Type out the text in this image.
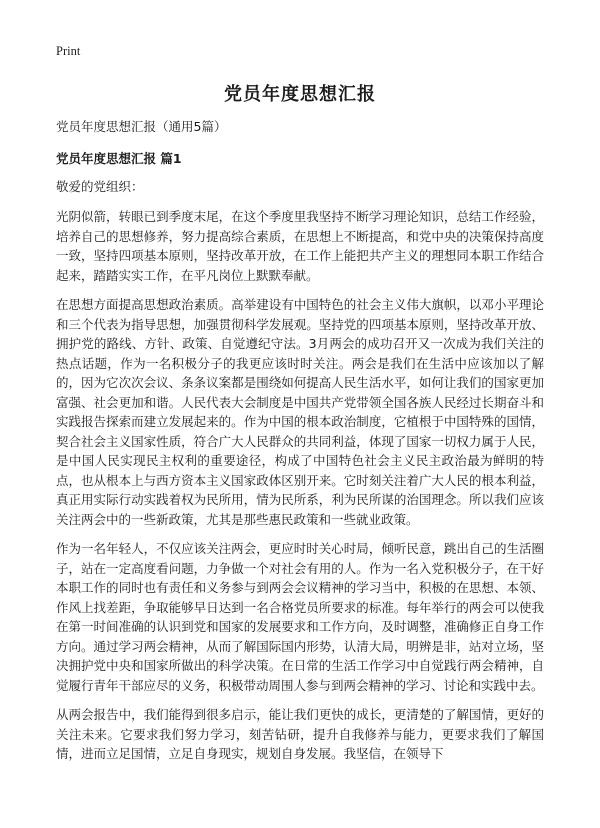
Print
党员年度思想汇报

党员年度思想汇报（通用5篇）

党员年度思想汇报 篇1

敬爱的党组织：

光阴似箭，转眼已到季度末尾，在这个季度里我坚持不断学习理论知识，总结工作经验，培养自己的思想修养，努力提高综合素质，在思想上不断提高，和党中央的决策保持高度一致，坚持四项基本原则，坚持改革开放，在工作上能把共产主义的理想同本职工作结合起来，踏踏实实工作，在平凡岗位上默默奉献。

在思想方面提高思想政治素质。高举建设有中国特色的社会主义伟大旗帜，以邓小平理论和三个代表为指导思想，加强贯彻科学发展观。坚持党的四项基本原则，坚持改革开放、拥护党的路线、方针、政策、自觉遵纪守法。3月两会的成功召开又一次成为我们关注的热点话题，作为一名积极分子的我更应该时时关注。两会是我们在生活中应该加以了解的，因为它次次会议、条条议案都是围绕如何提高人民生活水平，如何让我们的国家更加富强、社会更加和谐。人民代表大会制度是中国共产党带领全国各族人民经过长期奋斗和实践报告探索而建立发展起来的。作为中国的根本政治制度，它植根于中国特殊的国情，契合社会主义国家性质，符合广大人民群众的共同利益，体现了国家一切权力属于人民，是中国人民实现民主权利的重要途径，构成了中国特色社会主义民主政治最为鲜明的特点，也从根本上与西方资本主义国家政体区别开来。它时刻关注着广大人民的根本利益，真正用实际行动实践着权为民所用，情为民所系，利为民所谋的治国理念。所以我们应该关注两会中的一些新政策，尤其是那些惠民政策和一些就业政策。

作为一名年轻人，不仅应该关注两会，更应时时关心时局，倾听民意，跳出自己的生活圈子，站在一定高度看问题，力争做一个对社会有用的人。作为一名入党积极分子，在干好本职工作的同时也有责任和义务参与到两会会议精神的学习当中，积极的在思想、本领、作风上找差距，争取能够早日达到一名合格党员所要求的标准。每年举行的两会可以使我在第一时间准确的认识到党和国家的发展要求和工作方向，及时调整，准确修正自身工作方向。通过学习两会精神，从而了解国际国内形势，认清大局，明辨是非，站对立场，坚决拥护党中央和国家所做出的科学决策。在日常的生活工作学习中自觉践行两会精神，自觉履行青年干部应尽的义务，积极带动周围人参与到两会精神的学习、讨论和实践中去。

从两会报告中，我们能得到很多启示，能让我们更快的成长，更清楚的了解国情，更好的关注未来。它要求我们努力学习，刻苦钻研，提升自我修养与能力，更要求我们了解国情，进而立足国情，立足自身现实，规划自身发展。我坚信，在领导下
